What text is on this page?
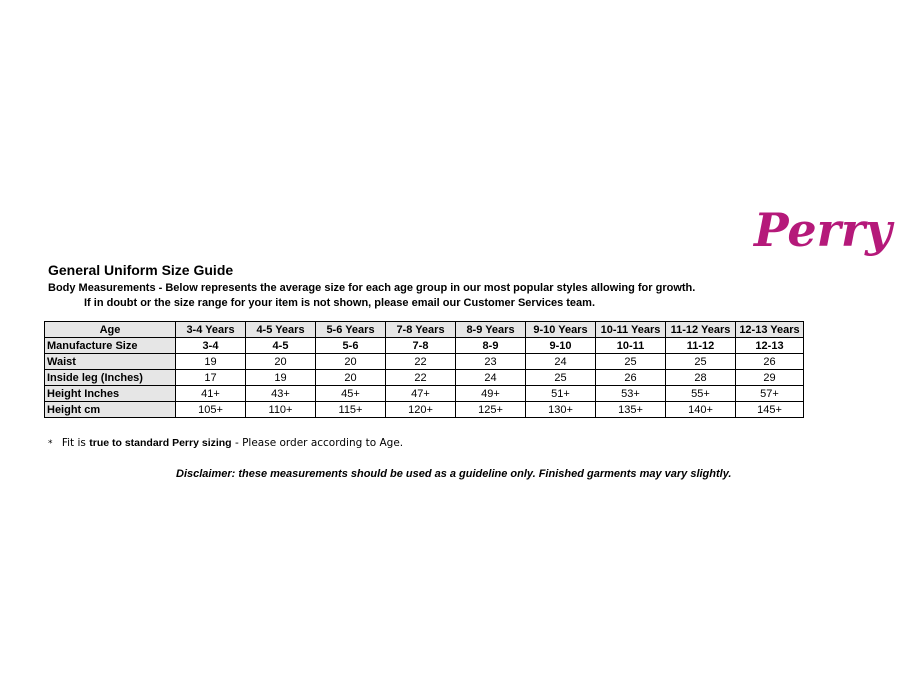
Perry
General Uniform Size Guide
Body Measurements - Below represents the average size for each age group in our most popular styles allowing for growth.
If in doubt or the size range for your item is not shown, please email our Customer Services team.
Age	3-4 Years	4-5 Years	5-6 Years	7-8 Years	8-9 Years	9-10 Years	10-11 Years	11-12 Years	12-13 Years
Manufacture Size	3-4	4-5	5-6	7-8	8-9	9-10	10-11	11-12	12-13
Waist	19	20	20	22	23	24	25	25	26
Inside leg (Inches)	17	19	20	22	24	25	26	28	29
Height Inches	41+	43+	45+	47+	49+	51+	53+	55+	57+
Height cm	105+	110+	115+	120+	125+	130+	135+	140+	145+
* Fit is true to standard Perry sizing - Please order according to Age.
Disclaimer: these measurements should be used as a guideline only. Finished garments may vary slightly.
